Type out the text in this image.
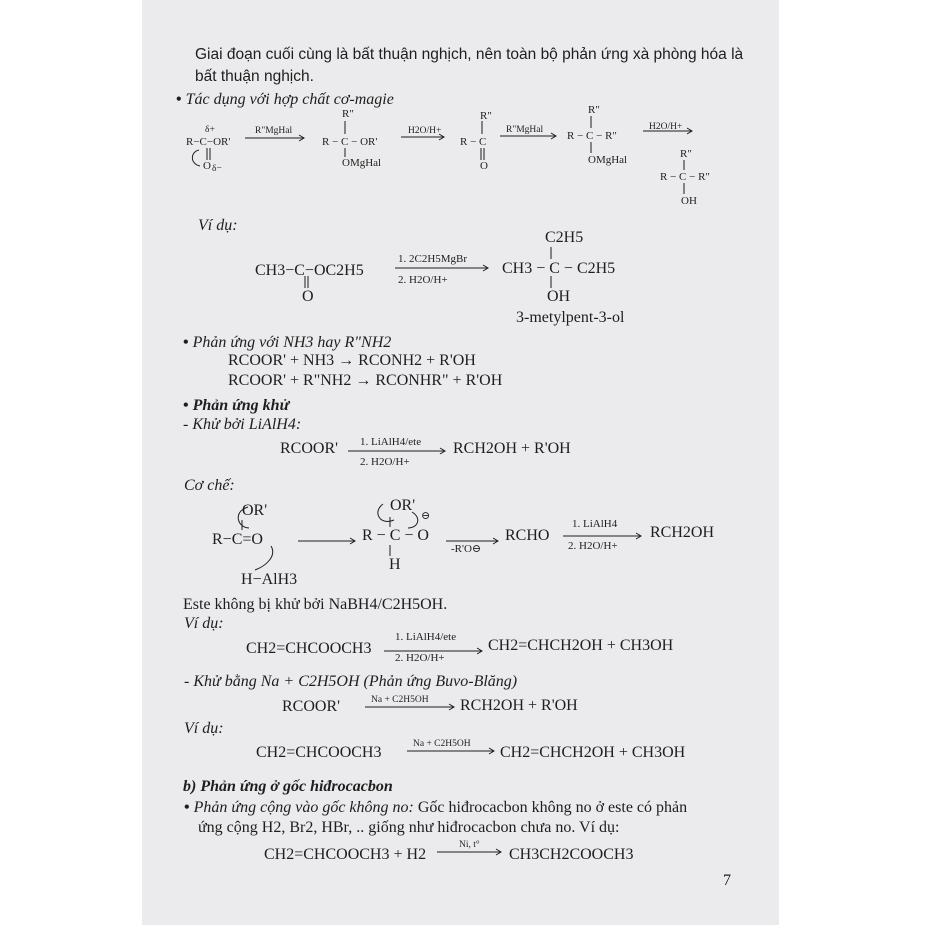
Giai đoạn cuối cùng là bất thuận nghịch, nên toàn bộ phản ứng xà phòng hóa là
bất thuận nghịch.
• Tác dụng với hợp chất cơ-magie
R−C−OR'
δ+
O δ−
R"MgHal
R"
R − C − OR'
OMgHal
H2O/H+
R"
R − C
O
R"MgHal
R"
R − C − R"
OMgHal
H2O/H+
R"
R − C − R"
OH
Ví dụ:
CH3−C−OC2H5
O
1. 2C2H5MgBr
2. H2O/H+
C2H5
CH3 − C − C2H5
OH
3-metylpent-3-ol
• Phản ứng với NH3 hay R"NH2
RCOOR' + NH3 → RCONH2 + R'OH
RCOOR' + R"NH2 → RCONHR" + R'OH
• Phản ứng khử
- Khử bởi LiAlH4:
RCOOR' 1. LiAlH4/ete
2. H2O/H+
RCH2OH + R'OH
Cơ chế:
OR'
R−C=O
H−AlH3
OR'
R − C − O
⊖
H
-R'O⊖
RCHO
1. LiAlH4
2. H2O/H+
RCH2OH
Este không bị khử bởi NaBH4/C2H5OH.
Ví dụ:
CH2=CHCOOCH3
1. LiAlH4/ete
2. H2O/H+
CH2=CHCH2OH + CH3OH
- Khử bằng Na + C2H5OH (Phản ứng Buvo-Blăng)
RCOOR'	Na + C2H5OH RCH2OH + R'OH
Ví dụ:
CH2=CHCOOCH3	Na + C2H5OH CH2=CHCH2OH + CH3OH
b) Phản ứng ở gốc hiđrocacbon
• Phản ứng cộng vào gốc không no: Gốc hiđrocacbon không no ở este có phản
ứng cộng H2, Br2, HBr, .. giống như hiđrocacbon chưa no. Ví dụ:
CH2=CHCOOCH3 + H2
Ni, t°
CH3CH2COOCH3
7
